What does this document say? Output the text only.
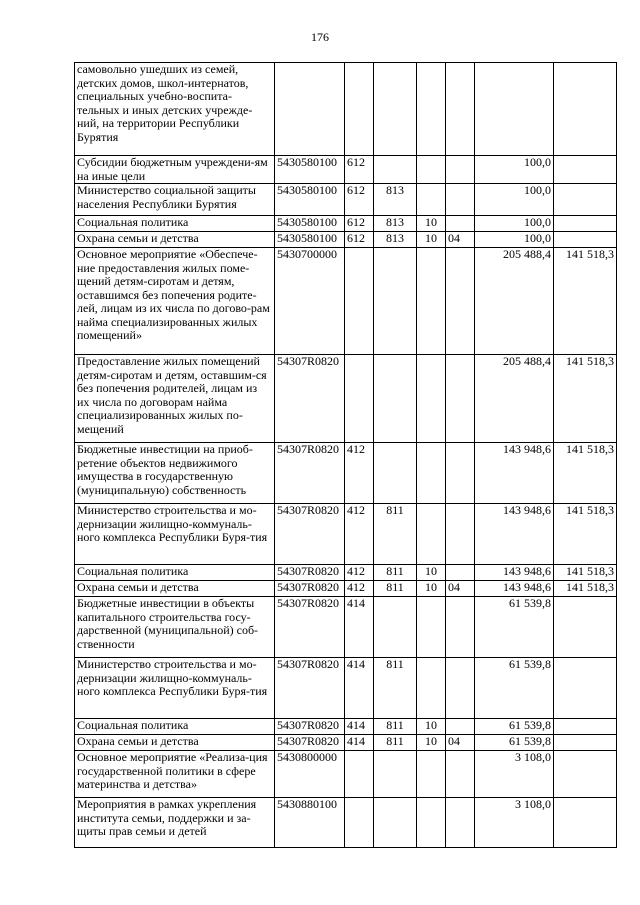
176
самовольно ушедших из семей, детских домов, школ-интернатов, специальных учебно-воспита-тельных и иных детских учрежде-ний, на территории Республики Бурятия							
Субсидии бюджетным учреждени-ям на иные цели	5430580100	612				100,0	
Министерство социальной защиты населения Республики Бурятия	5430580100	612	813			100,0	
Социальная политика	5430580100	612	813	10		100,0	
Охрана семьи и детства	5430580100	612	813	10	04	100,0	
Основное мероприятие «Обеспече-ние предоставления жилых поме-щений детям-сиротам и детям, оставшимся без попечения родите-лей, лицам из их числа по догово-рам найма специализированных жилых помещений»	5430700000					205 488,4	141 518,3
Предоставление жилых помещений детям-сиротам и детям, оставшим-ся без попечения родителей, лицам из их числа по договорам найма специализированных жилых по-мещений	54307R0820					205 488,4	141 518,3
Бюджетные инвестиции на приоб-ретение объектов недвижимого имущества в государственную (муниципальную) собственность	54307R0820	412				143 948,6	141 518,3
Министерство строительства и мо-дернизации жилищно-коммуналь-ного комплекса Республики Буря-тия	54307R0820	412	811			143 948,6	141 518,3
Социальная политика	54307R0820	412	811	10		143 948,6	141 518,3
Охрана семьи и детства	54307R0820	412	811	10	04	143 948,6	141 518,3
Бюджетные инвестиции в объекты капитального строительства госу-дарственной (муниципальной) соб-ственности	54307R0820	414				61 539,8	
Министерство строительства и мо-дернизации жилищно-коммуналь-ного комплекса Республики Буря-тия	54307R0820	414	811			61 539,8	
Социальная политика	54307R0820	414	811	10		61 539,8	
Охрана семьи и детства	54307R0820	414	811	10	04	61 539,8	
Основное мероприятие «Реализа-ция государственной политики в сфере материнства и детства»	5430800000					3 108,0	
Мероприятия в рамках укрепления института семьи, поддержки и за-щиты прав семьи и детей	5430880100					3 108,0	
